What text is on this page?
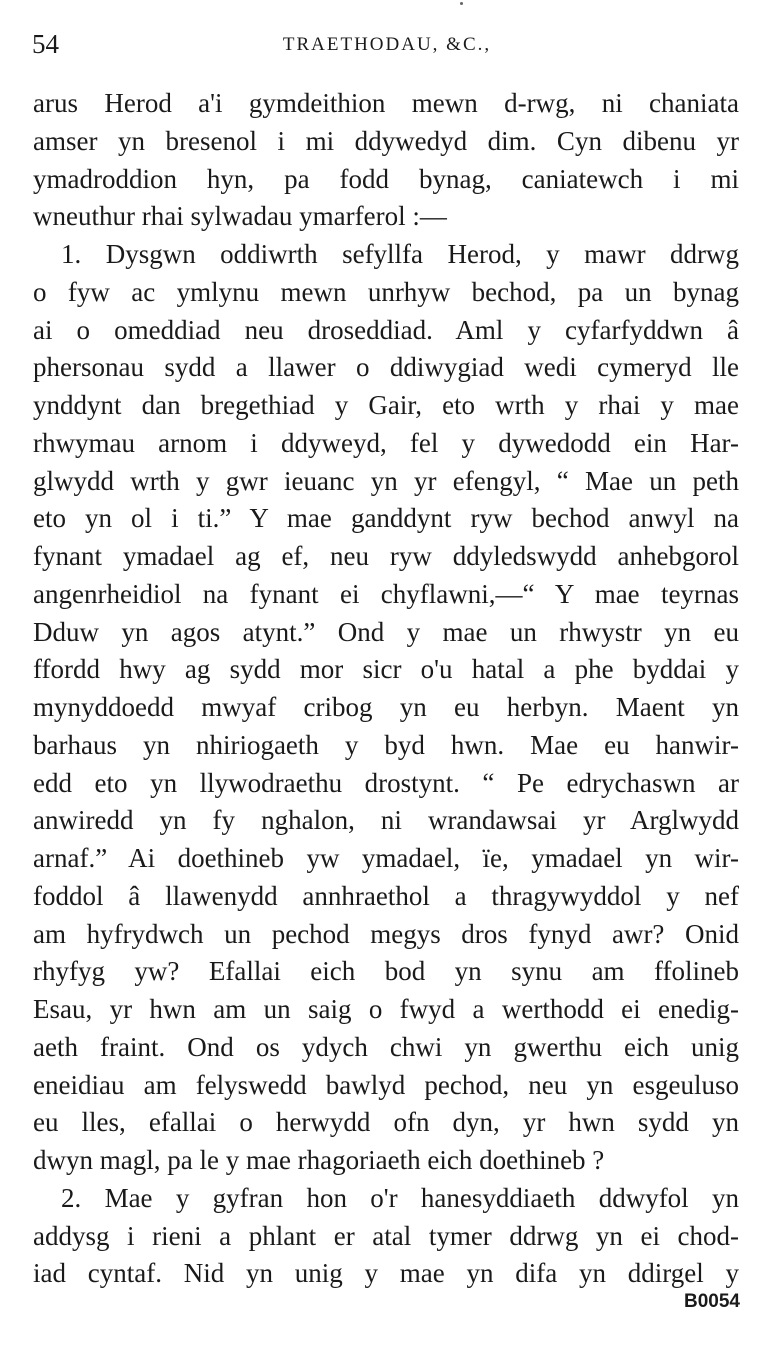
54	TRAETHODAU, &C.,
arus Herod a'i gymdeithion mewn d-rwg, ni chaniata
amser yn bresenol i mi ddywedyd dim. Cyn dibenu yr
ymadroddion hyn, pa fodd bynag, caniatewch i mi
wneuthur rhai sylwadau ymarferol :—
1. Dysgwn oddiwrth sefyllfa Herod, y mawr ddrwg
o fyw ac ymlynu mewn unrhyw bechod, pa un bynag
ai o omeddiad neu droseddiad. Aml y cyfarfyddwn â
phersonau sydd a llawer o ddiwygiad wedi cymeryd lle
ynddynt dan bregethiad y Gair, eto wrth y rhai y mae
rhwymau arnom i ddyweyd, fel y dywedodd ein Har-
glwydd wrth y gwr ieuanc yn yr efengyl, “ Mae un peth
eto yn ol i ti.” Y mae ganddynt ryw bechod anwyl na
fynant ymadael ag ef, neu ryw ddyledswydd anhebgorol
angenrheidiol na fynant ei chyflawni,—“ Y mae teyrnas
Dduw yn agos atynt.” Ond y mae un rhwystr yn eu
ffordd hwy ag sydd mor sicr o'u hatal a phe byddai y
mynyddoedd mwyaf cribog yn eu herbyn. Maent yn
barhaus yn nhiriogaeth y byd hwn. Mae eu hanwir-
edd eto yn llywodraethu drostynt. “ Pe edrychaswn ar
anwiredd yn fy nghalon, ni wrandawsai yr Arglwydd
arnaf.” Ai doethineb yw ymadael, ïe, ymadael yn wir-
foddol â llawenydd annhraethol a thragywyddol y nef
am hyfrydwch un pechod megys dros fynyd awr? Onid
rhyfyg yw? Efallai eich bod yn synu am ffolineb
Esau, yr hwn am un saig o fwyd a werthodd ei enedig-
aeth fraint. Ond os ydych chwi yn gwerthu eich unig
eneidiau am felyswedd bawlyd pechod, neu yn esgeuluso
eu lles, efallai o herwydd ofn dyn, yr hwn sydd yn
dwyn magl, pa le y mae rhagoriaeth eich doethineb ?
2. Mae y gyfran hon o'r hanesyddiaeth ddwyfol yn
addysg i rieni a phlant er atal tymer ddrwg yn ei chod-
iad cyntaf. Nid yn unig y mae yn difa yn ddirgel y
B0054
